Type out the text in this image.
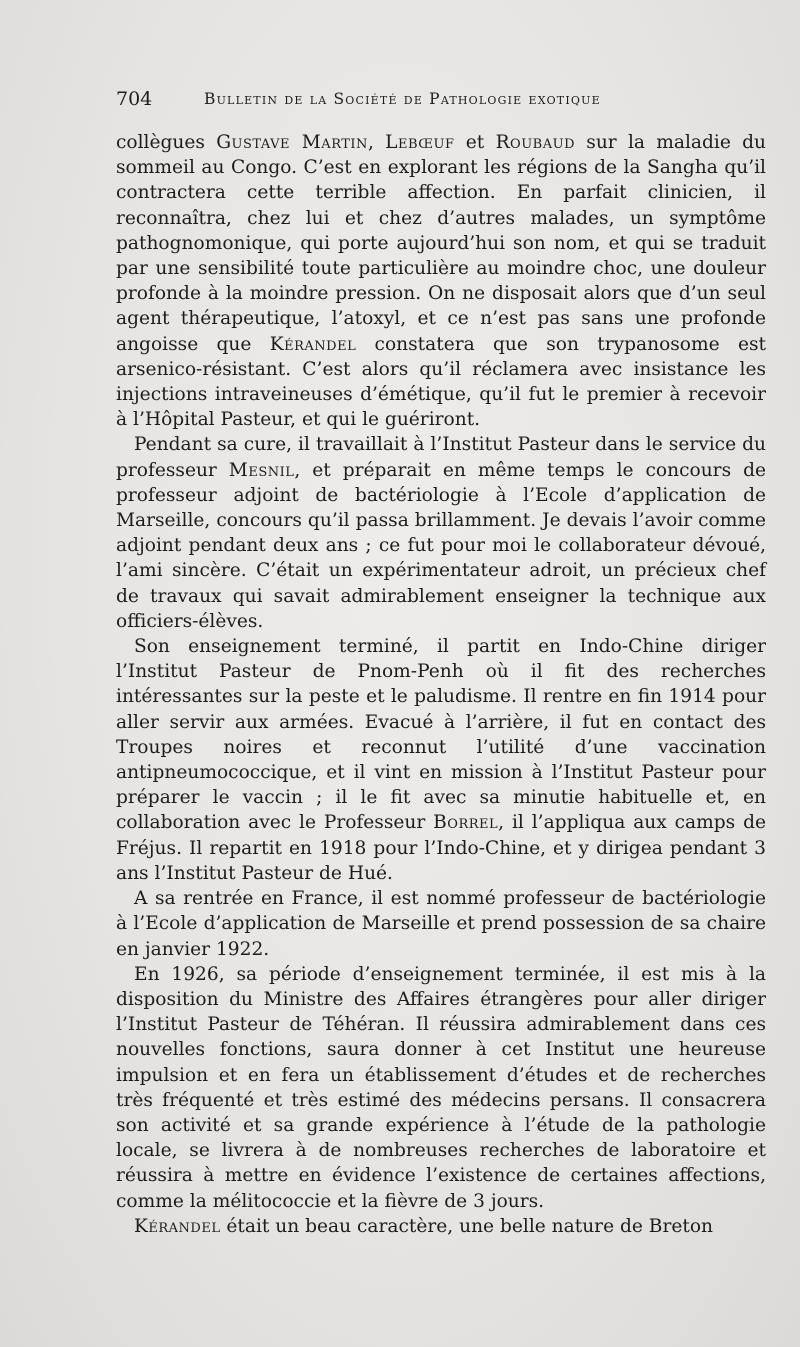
704	Bulletin de la Société de Pathologie exotique

collègues Gustave Martin, Lebœuf et Roubaud sur la maladie du sommeil au Congo. C’est en explorant les régions de la Sangha qu’il contractera cette terrible affection. En parfait clinicien, il reconnaîtra, chez lui et chez d’autres malades, un symptôme pathognomonique, qui porte aujourd’hui son nom, et qui se traduit par une sensibilité toute particulière au moindre choc, une douleur profonde à la moindre pression. On ne disposait alors que d’un seul agent thérapeutique, l’atoxyl, et ce n’est pas sans une profonde angoisse que Kérandel constatera que son trypanosome est arsenico-résistant. C’est alors qu’il réclamera avec insistance les injections intraveineuses d’émétique, qu’il fut le premier à recevoir à l’Hôpital Pasteur, et qui le guériront.

Pendant sa cure, il travaillait à l’Institut Pasteur dans le service du professeur Mesnil, et préparait en même temps le concours de professeur adjoint de bactériologie à l’Ecole d’application de Marseille, concours qu’il passa brillamment. Je devais l’avoir comme adjoint pendant deux ans ; ce fut pour moi le collaborateur dévoué, l’ami sincère. C’était un expérimentateur adroit, un précieux chef de travaux qui savait admirablement enseigner la technique aux officiers-élèves.

Son enseignement terminé, il partit en Indo-Chine diriger l’Institut Pasteur de Pnom-Penh où il fit des recherches intéressantes sur la peste et le paludisme. Il rentre en fin 1914 pour aller servir aux armées. Evacué à l’arrière, il fut en contact des Troupes noires et reconnut l’utilité d’une vaccination antipneumococcique, et il vint en mission à l’Institut Pasteur pour préparer le vaccin ; il le fit avec sa minutie habituelle et, en collaboration avec le Professeur Borrel, il l’appliqua aux camps de Fréjus. Il repartit en 1918 pour l’Indo-Chine, et y dirigea pendant 3 ans l’Institut Pasteur de Hué.

A sa rentrée en France, il est nommé professeur de bactériologie à l’Ecole d’application de Marseille et prend possession de sa chaire en janvier 1922.

En 1926, sa période d’enseignement terminée, il est mis à la disposition du Ministre des Affaires étrangères pour aller diriger l’Institut Pasteur de Téhéran. Il réussira admirablement dans ces nouvelles fonctions, saura donner à cet Institut une heureuse impulsion et en fera un établissement d’études et de recherches très fréquenté et très estimé des médecins persans. Il consacrera son activité et sa grande expérience à l’étude de la pathologie locale, se livrera à de nombreuses recherches de laboratoire et réussira à mettre en évidence l’existence de certaines affections, comme la mélitococcie et la fièvre de 3 jours.

Kérandel était un beau caractère, une belle nature de Breton
